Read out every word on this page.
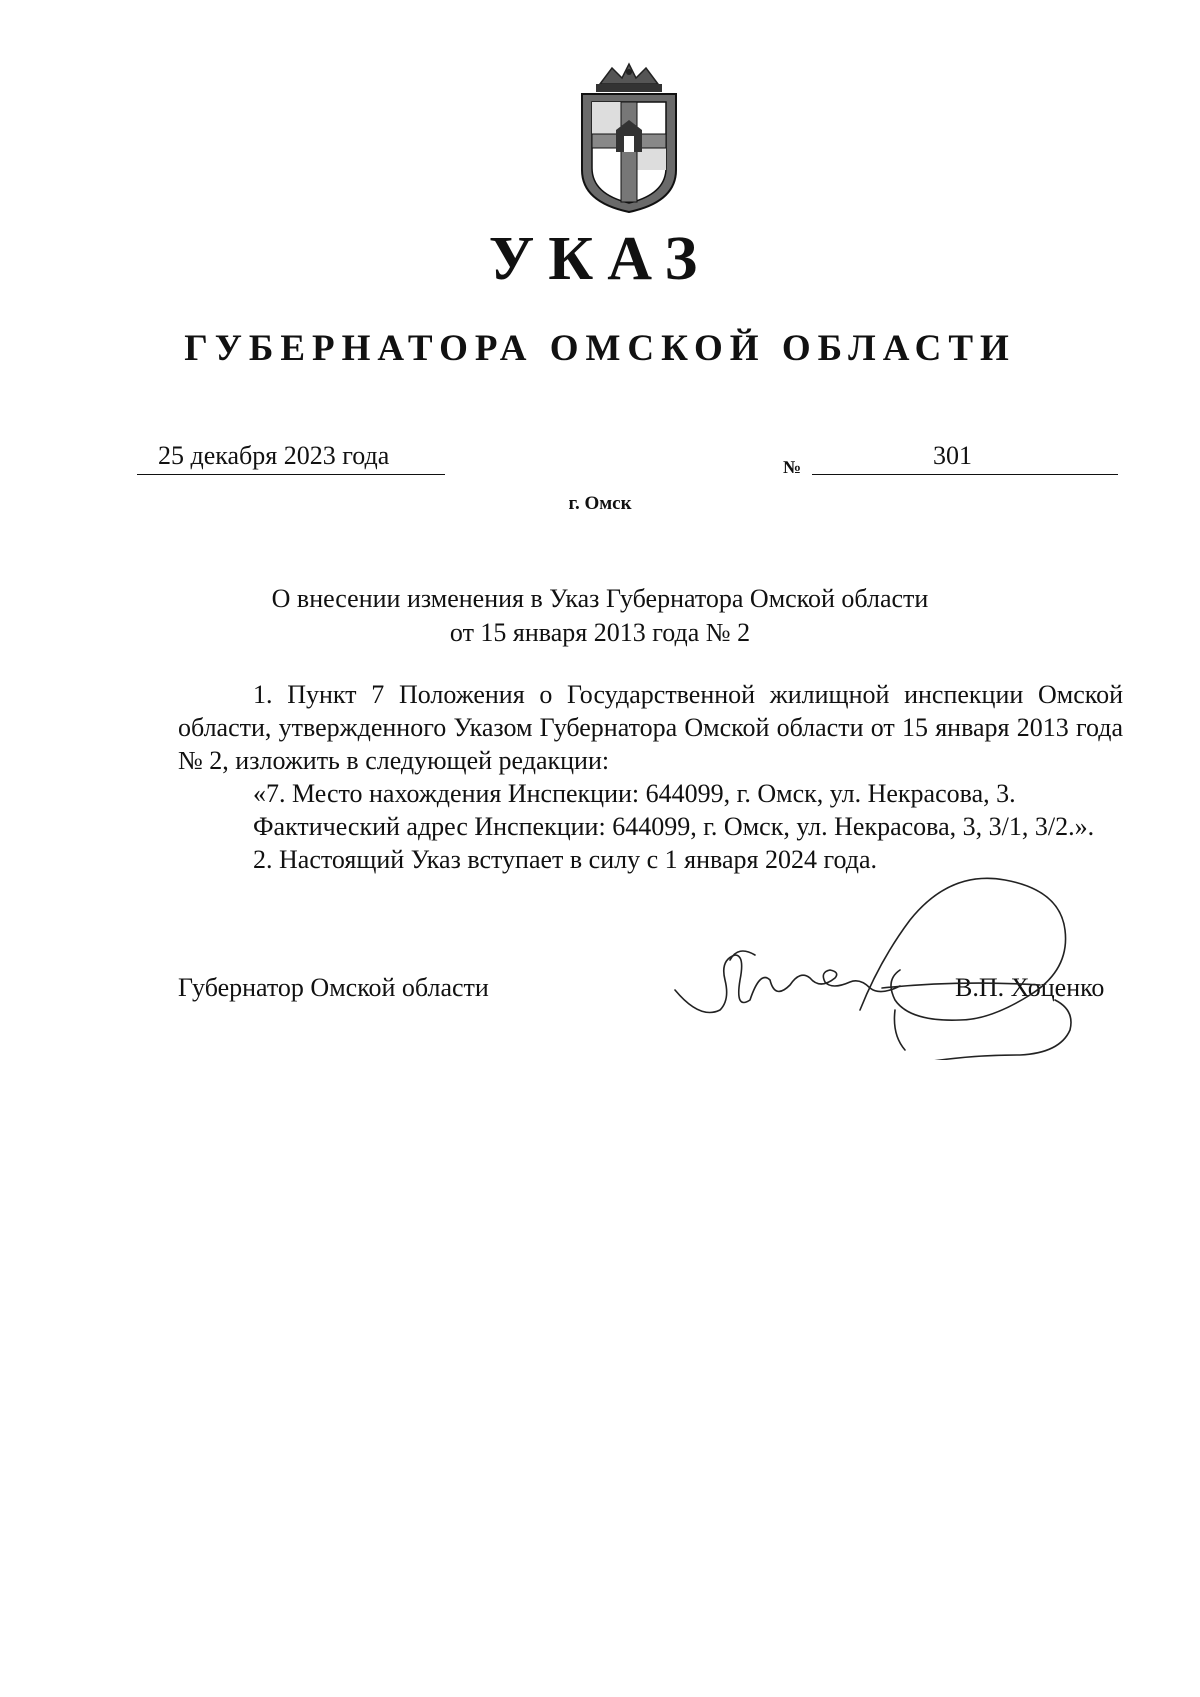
УКАЗ
ГУБЕРНАТОРА ОМСКОЙ ОБЛАСТИ
25 декабря 2023 года	№	301
г. Омск
О внесении изменения в Указ Губернатора Омской области
от 15 января 2013 года № 2

1. Пункт 7 Положения о Государственной жилищной инспекции Омской области, утвержденного Указом Губернатора Омской области от 15 января 2013 года № 2, изложить в следующей редакции:

«7. Место нахождения Инспекции: 644099, г. Омск, ул. Некрасова, 3.

Фактический адрес Инспекции: 644099, г. Омск, ул. Некрасова, 3, 3/1, 3/2.».

2. Настоящий Указ вступает в силу с 1 января 2024 года.

Губернатор Омской области	В.П. Хоценко
